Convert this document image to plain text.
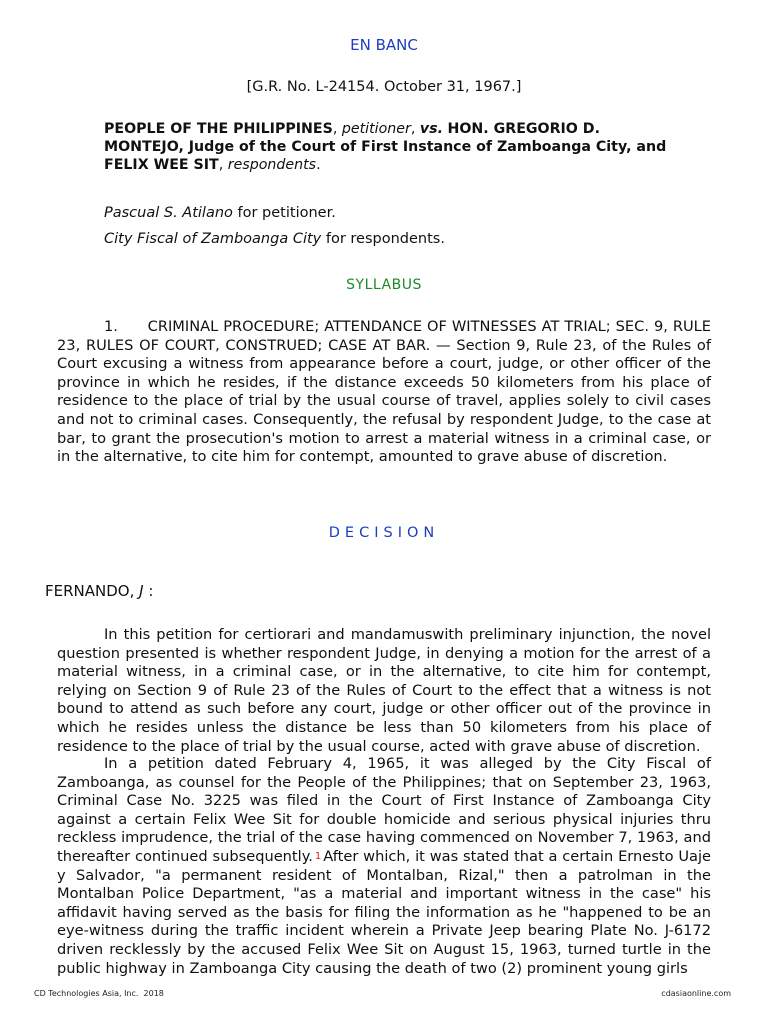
EN BANC
[G.R. No. L-24154. October 31, 1967.]
PEOPLE OF THE PHILIPPINES, petitioner, vs. HON. GREGORIO D. MONTEJO, Judge of the Court of First Instance of Zamboanga City, and FELIX WEE SIT, respondents.
Pascual S. Atilano for petitioner.
City Fiscal of Zamboanga City for respondents.
SYLLABUS
1.      CRIMINAL PROCEDURE; ATTENDANCE OF WITNESSES AT TRIAL; SEC. 9, RULE 23, RULES OF COURT, CONSTRUED; CASE AT BAR. — Section 9, Rule 23, of the Rules of Court excusing a witness from appearance before a court, judge, or other officer of the province in which he resides, if the distance exceeds 50 kilometers from his place of residence to the place of trial by the usual course of travel, applies solely to civil cases and not to criminal cases. Consequently, the refusal by respondent Judge, to the case at bar, to grant the prosecution's motion to arrest a material witness in a criminal case, or in the alternative, to cite him for contempt, amounted to grave abuse of discretion.
DECISION
FERNANDO, J :
In this petition for certiorari and mandamuswith preliminary injunction, the novel question presented is whether respondent Judge, in denying a motion for the arrest of a material witness, in a criminal case, or in the alternative, to cite him for contempt, relying on Section 9 of Rule 23 of the Rules of Court to the effect that a witness is not bound to attend as such before any court, judge or other officer out of the province in which he resides unless the distance be less than 50 kilometers from his place of residence to the place of trial by the usual course, acted with grave abuse of discretion.
In a petition dated February 4, 1965, it was alleged by the City Fiscal of Zamboanga, as counsel for the People of the Philippines; that on September 23, 1963, Criminal Case No. 3225 was filed in the Court of First Instance of Zamboanga City against a certain Felix Wee Sit for double homicide and serious physical injuries thru reckless imprudence, the trial of the case having commenced on November 7, 1963, and thereafter continued subsequently. 1 After which, it was stated that a certain Ernesto Uaje y Salvador, "a permanent resident of Montalban, Rizal," then a patrolman in the Montalban Police Department, "as a material and important witness in the case" his affidavit having served as the basis for filing the information as he "happened to be an eye-witness during the traffic incident wherein a Private Jeep bearing Plate No. J-6172 driven recklessly by the accused Felix Wee Sit on August 15, 1963, turned turtle in the public highway in Zamboanga City causing the death of two (2) prominent young girls
CD Technologies Asia, Inc.  2018	cdasiaonline.com
